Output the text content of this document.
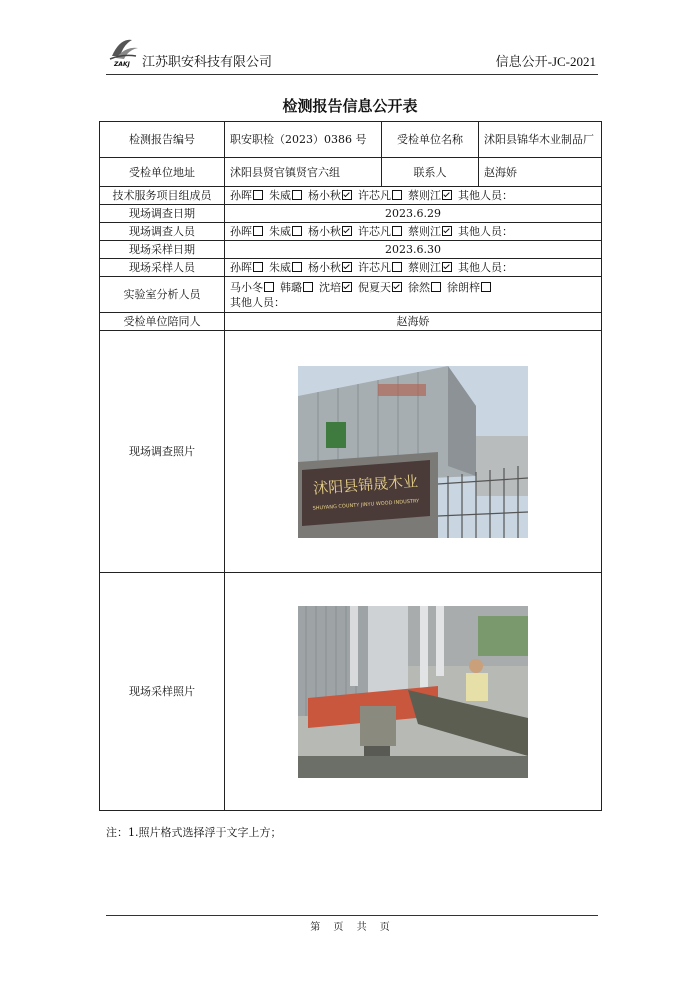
ZAKJ 江苏职安科技有限公司	信息公开-JC-2021
检测报告信息公开表
检测报告编号	职安职检（2023）0386 号	受检单位名称	沭阳县锦华木业制品厂
受检单位地址	沭阳县贤官镇贤官六组	联系人	赵海娇
技术服务项目组成员	孙晖 朱威 杨小秋 许芯凡 蔡则江 其他人员：		
现场调查日期	2023.6.29		
现场调查人员	孙晖 朱威 杨小秋 许芯凡 蔡则江 其他人员：		
现场采样日期	2023.6.30		
现场采样人员	孙晖 朱威 杨小秋 许芯凡 蔡则江 其他人员：		
实验室分析人员	马小冬 韩璐 沈培 倪夏天 徐然 徐朗梓
其他人员：		
受检单位陪同人	赵海娇		
现场调查照片	沭阳县锦晟木业
SHUYANG COUNTY JINYU WOOD INDUSTRY		

现场采样照片	
注：1.照片格式选择浮于文字上方；
第 页 共 页
